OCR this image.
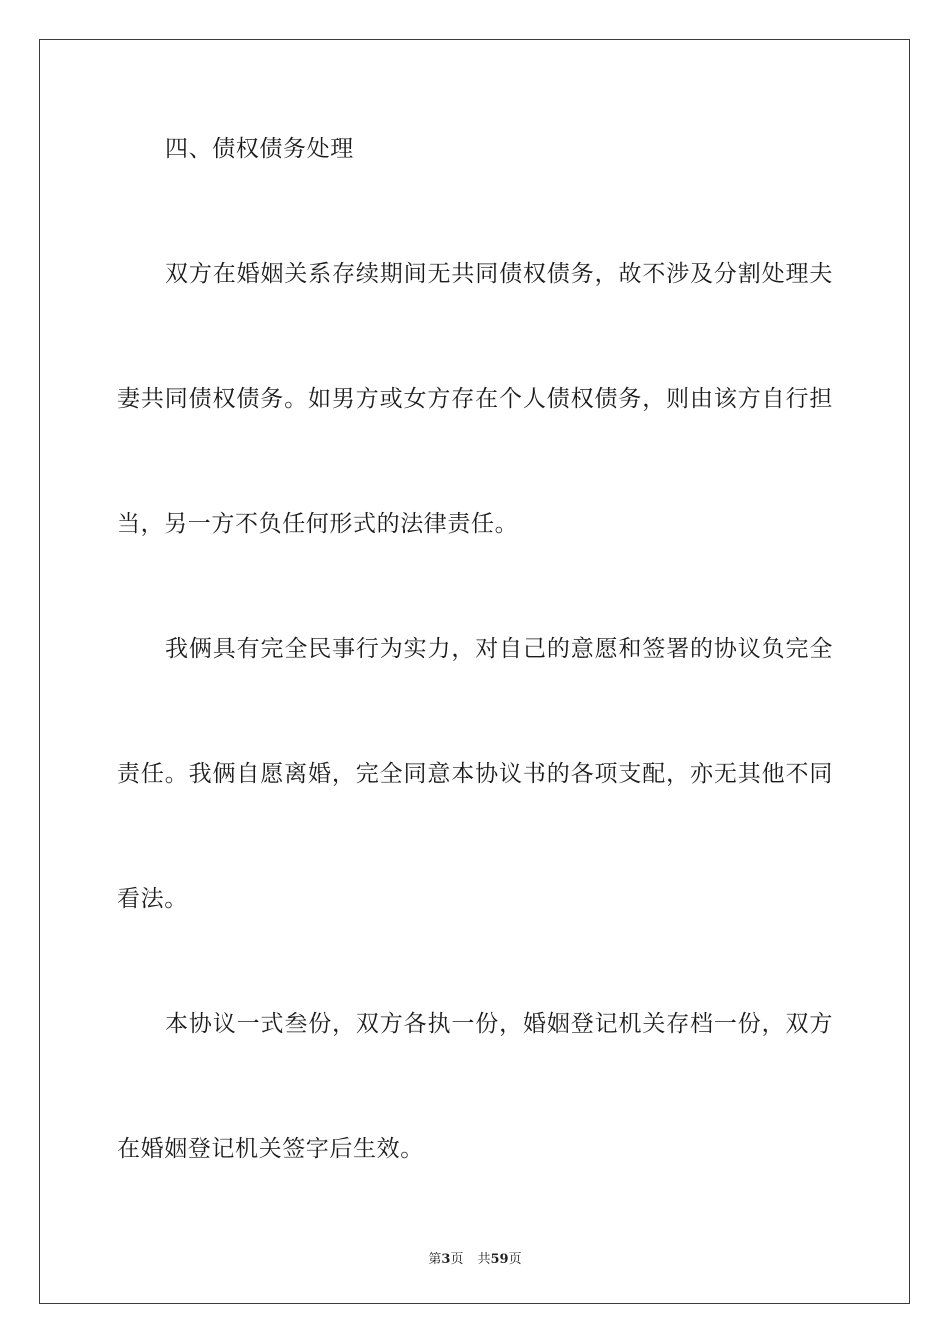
四、债权债务处理
双方在婚姻关系存续期间无共同债权债务，故不涉及分割处理夫
妻共同债权债务。如男方或女方存在个人债权债务，则由该方自行担
当，另一方不负任何形式的法律责任。
我俩具有完全民事行为实力，对自己的意愿和签署的协议负完全
责任。我俩自愿离婚，完全同意本协议书的各项支配，亦无其他不同
看法。
本协议一式叁份，双方各执一份，婚姻登记机关存档一份，双方
在婚姻登记机关签字后生效。
第3页 共59页
